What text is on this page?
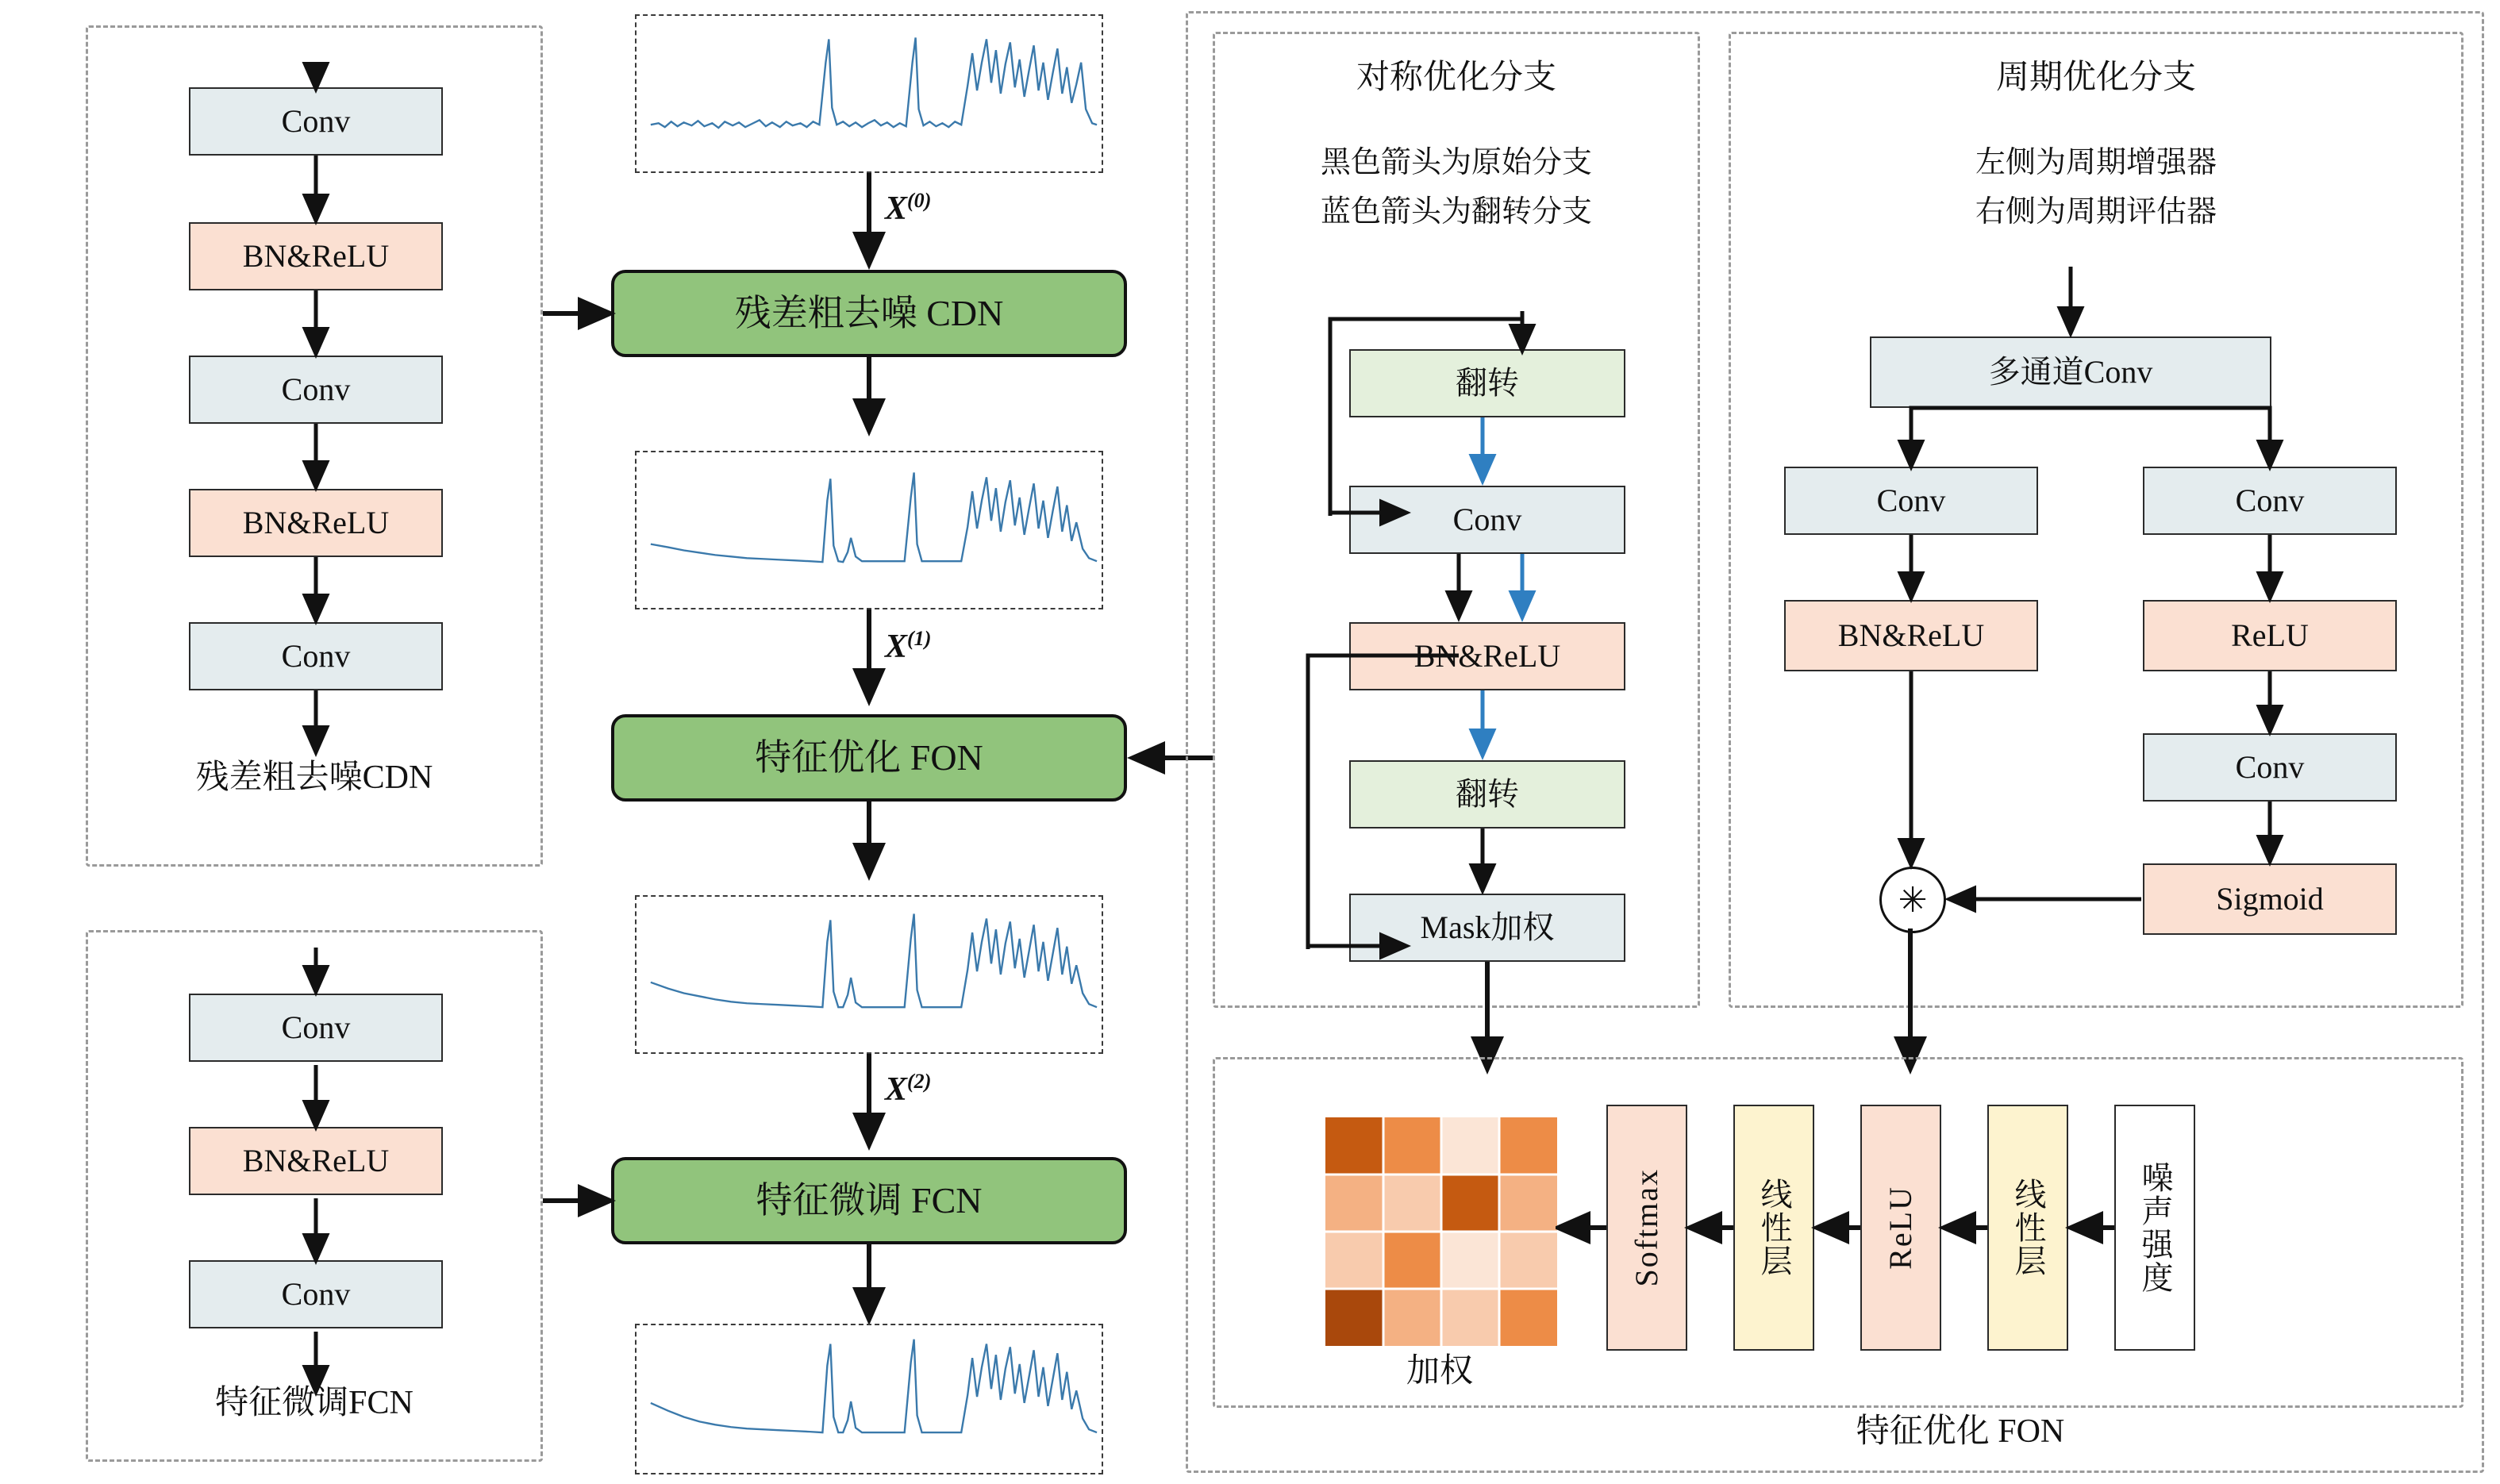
Conv
BN&ReLU
Conv
BN&ReLU
Conv
残差粗去噪CDN
Conv
BN&ReLU
Conv
特征微调FCN
$X^{(0)}$
残差粗去噪 CDN
$X^{(1)}$
特征优化 FON
$X^{(2)}$
特征微调 FCN
对称优化分支
黑色箭头为原始分支
蓝色箭头为翻转分支
翻转
Conv
BN&ReLU
翻转
Mask加权
周期优化分支
左侧为周期增强器
右侧为周期评估器
多通道Conv
Conv
BN&ReLU
Conv
ReLU
Conv
Sigmoid
✳
加权
Softmax	线性层	ReLU	线性层	噪声强度
特征优化 FON
